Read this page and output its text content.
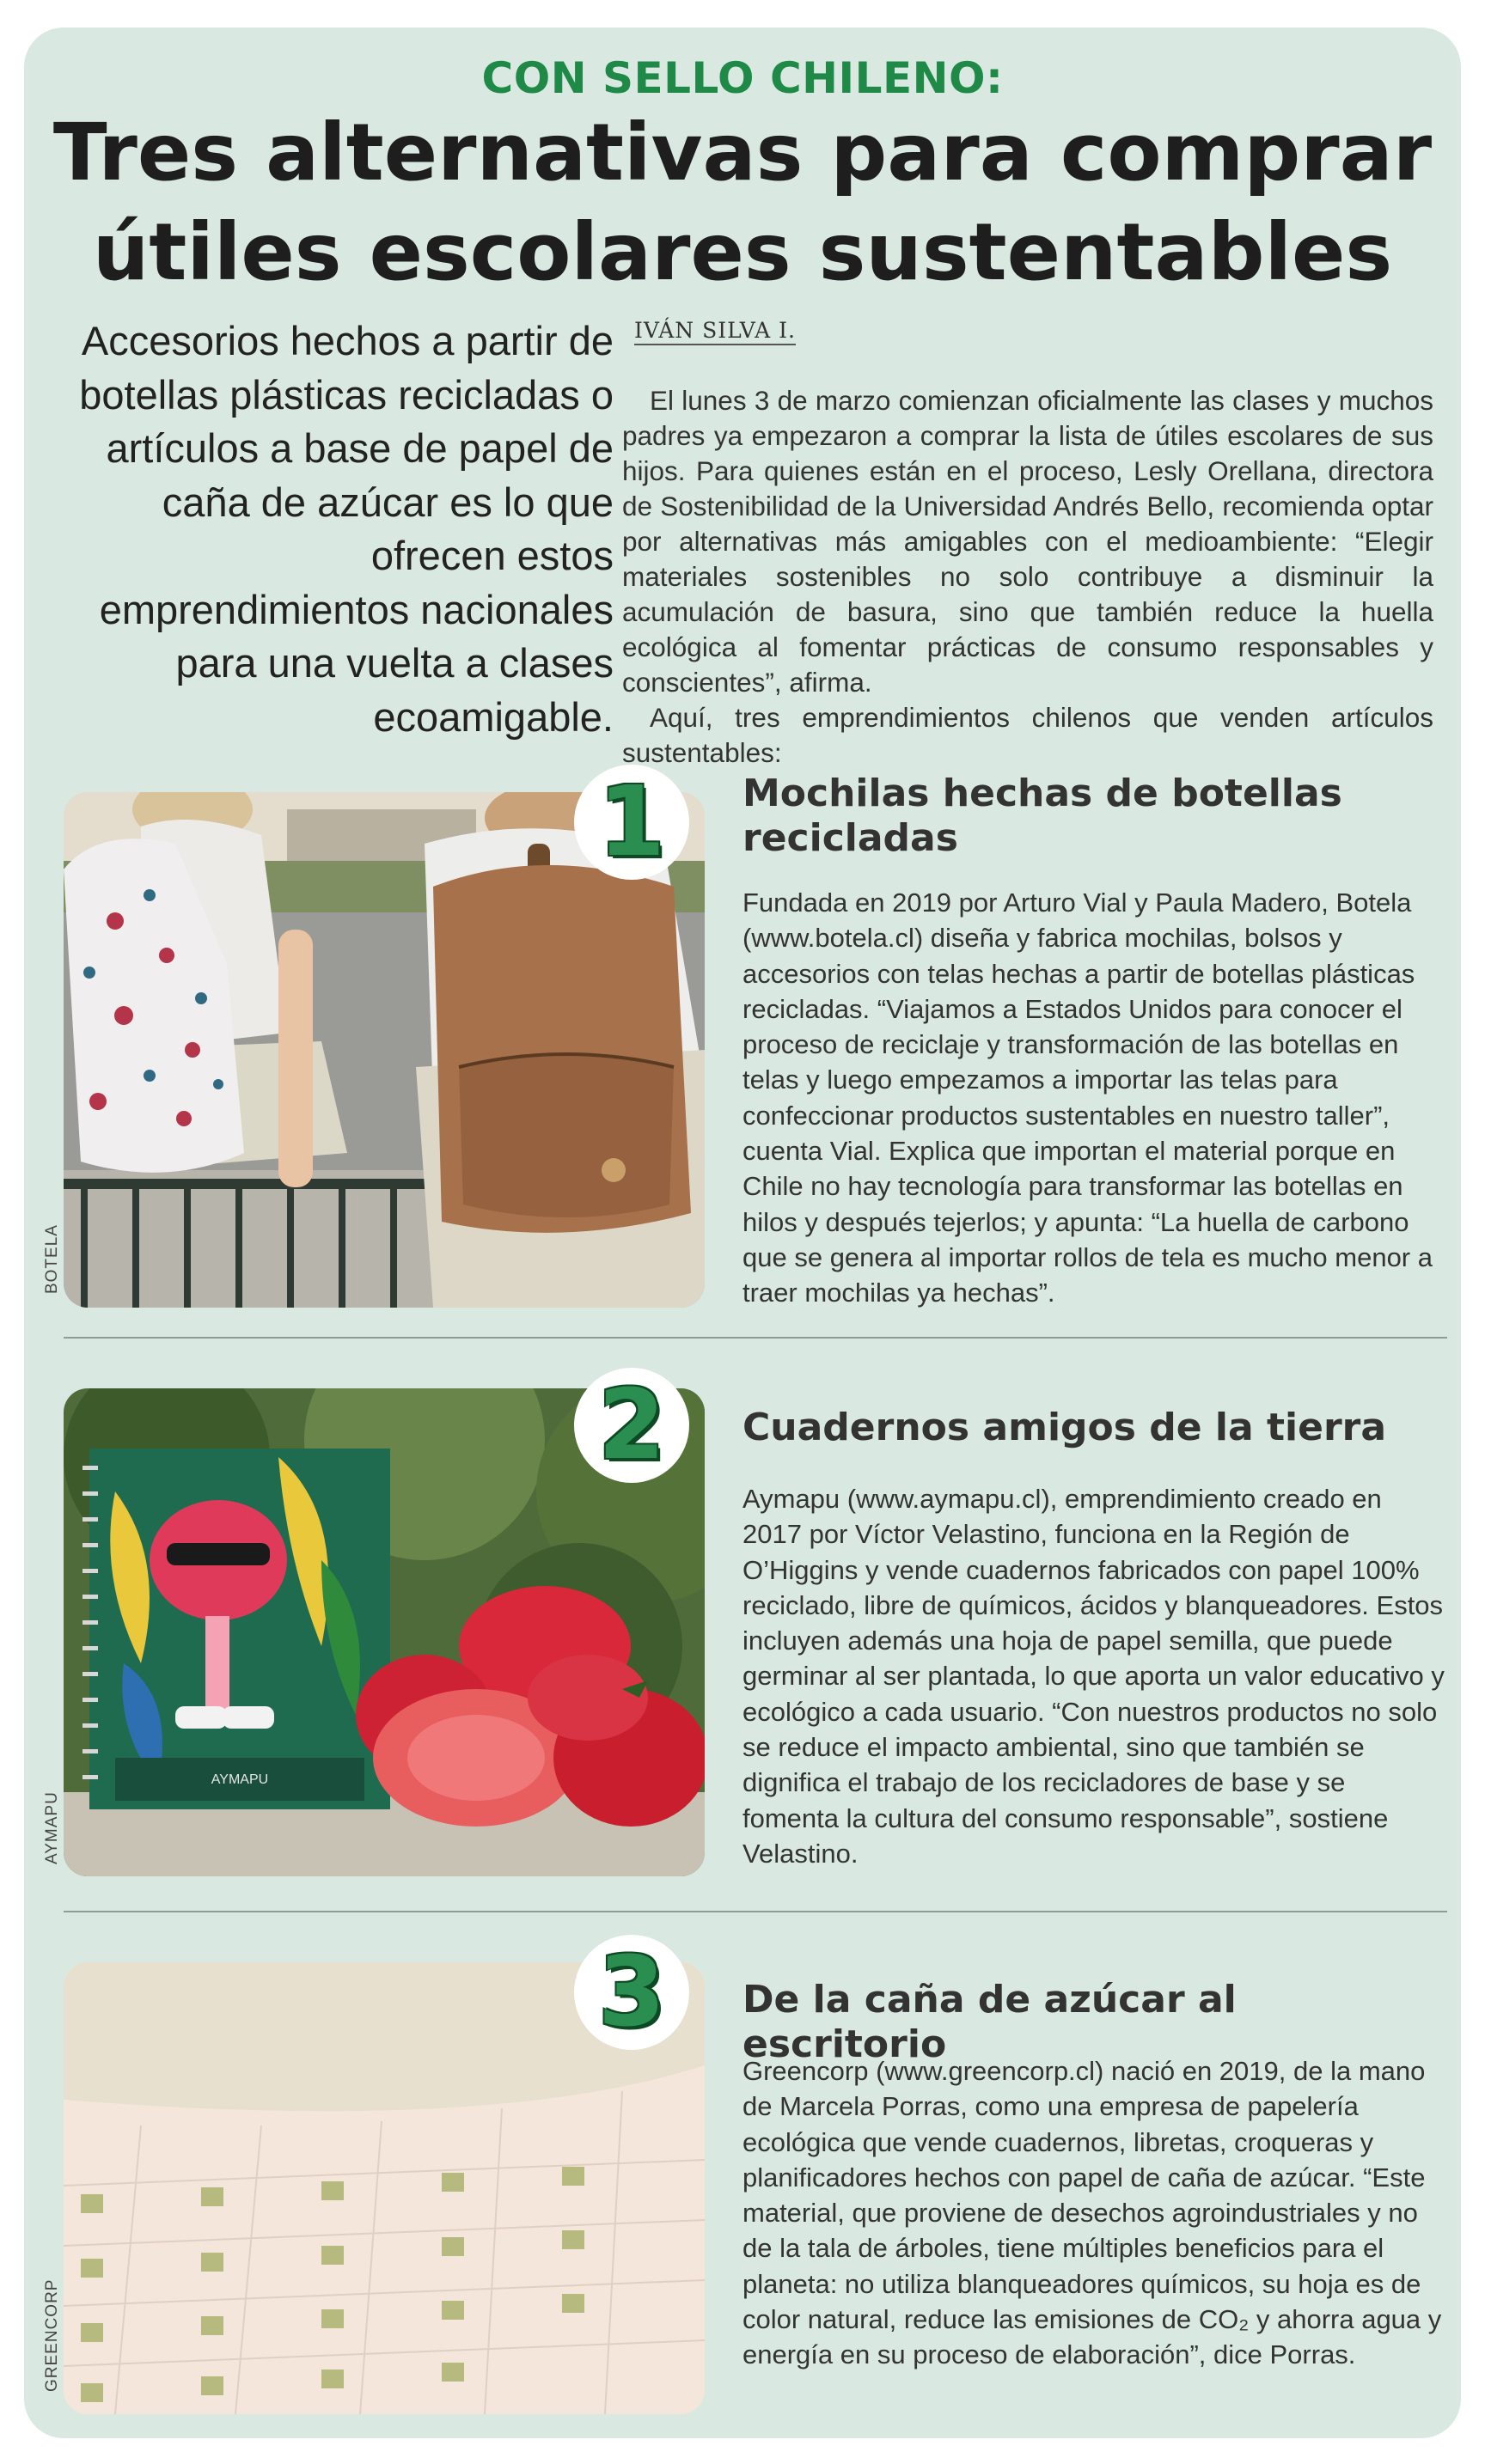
CON SELLO CHILENO:
Tres alternativas para comprar
útiles escolares sustentables
Accesorios hechos a partir de botellas plásticas recicladas o artículos a base de papel de caña de azúcar es lo que ofrecen estos emprendimientos nacionales para una vuelta a clases ecoamigable.
IVÁN SILVA I.

El lunes 3 de marzo comienzan oficialmente las clases y muchos padres ya empezaron a comprar la lista de útiles escolares de sus hijos. Para quienes están en el proceso, Lesly Orellana, directora de Sostenibilidad de la Universidad Andrés Bello, recomienda optar por alternativas más amigables con el medioambiente: “Elegir materiales sostenibles no solo contribuye a disminuir la acumulación de basura, sino que también reduce la huella ecológica al fomentar prácticas de consumo responsables y conscientes”, afirma.

Aquí, tres emprendimientos chilenos que venden artículos sustentables:

BOTELA
1	Mochilas hechas de botellas recicladas
Fundada en 2019 por Arturo Vial y Paula Madero, Botela (www.botela.cl) diseña y fabrica mochilas, bolsos y accesorios con telas hechas a partir de botellas plásticas recicladas. “Viajamos a Estados Unidos para conocer el proceso de reciclaje y transformación de las botellas en telas y luego empezamos a importar las telas para confeccionar productos sustentables en nuestro taller”, cuenta Vial. Explica que importan el material porque en Chile no hay tecnología para transformar las botellas en hilos y después tejerlos; y apunta: “La huella de carbono que se genera al importar rollos de tela es mucho menor a traer mochilas ya hechas”.
AYMAPU
AYMAPU
2	Cuadernos amigos de la tierra
Aymapu (www.aymapu.cl), emprendimiento creado en 2017 por Víctor Velastino, funciona en la Región de O’Higgins y vende cuadernos fabricados con papel 100% reciclado, libre de químicos, ácidos y blanqueadores. Estos incluyen además una hoja de papel semilla, que puede germinar al ser plantada, lo que aporta un valor educativo y ecológico a cada usuario. “Con nuestros productos no solo se reduce el impacto ambiental, sino que también se dignifica el trabajo de los recicladores de base y se fomenta la cultura del consumo responsable”, sostiene Velastino.
GREENCORP
3	De la caña de azúcar al escritorio
Greencorp (www.greencorp.cl) nació en 2019, de la mano de Marcela Porras, como una empresa de papelería ecológica que vende cuadernos, libretas, croqueras y planificadores hechos con papel de caña de azúcar. “Este material, que proviene de desechos agroindustriales y no de la tala de árboles, tiene múltiples beneficios para el planeta: no utiliza blanqueadores químicos, su hoja es de color natural, reduce las emisiones de CO₂ y ahorra agua y energía en su proceso de elaboración”, dice Porras.
